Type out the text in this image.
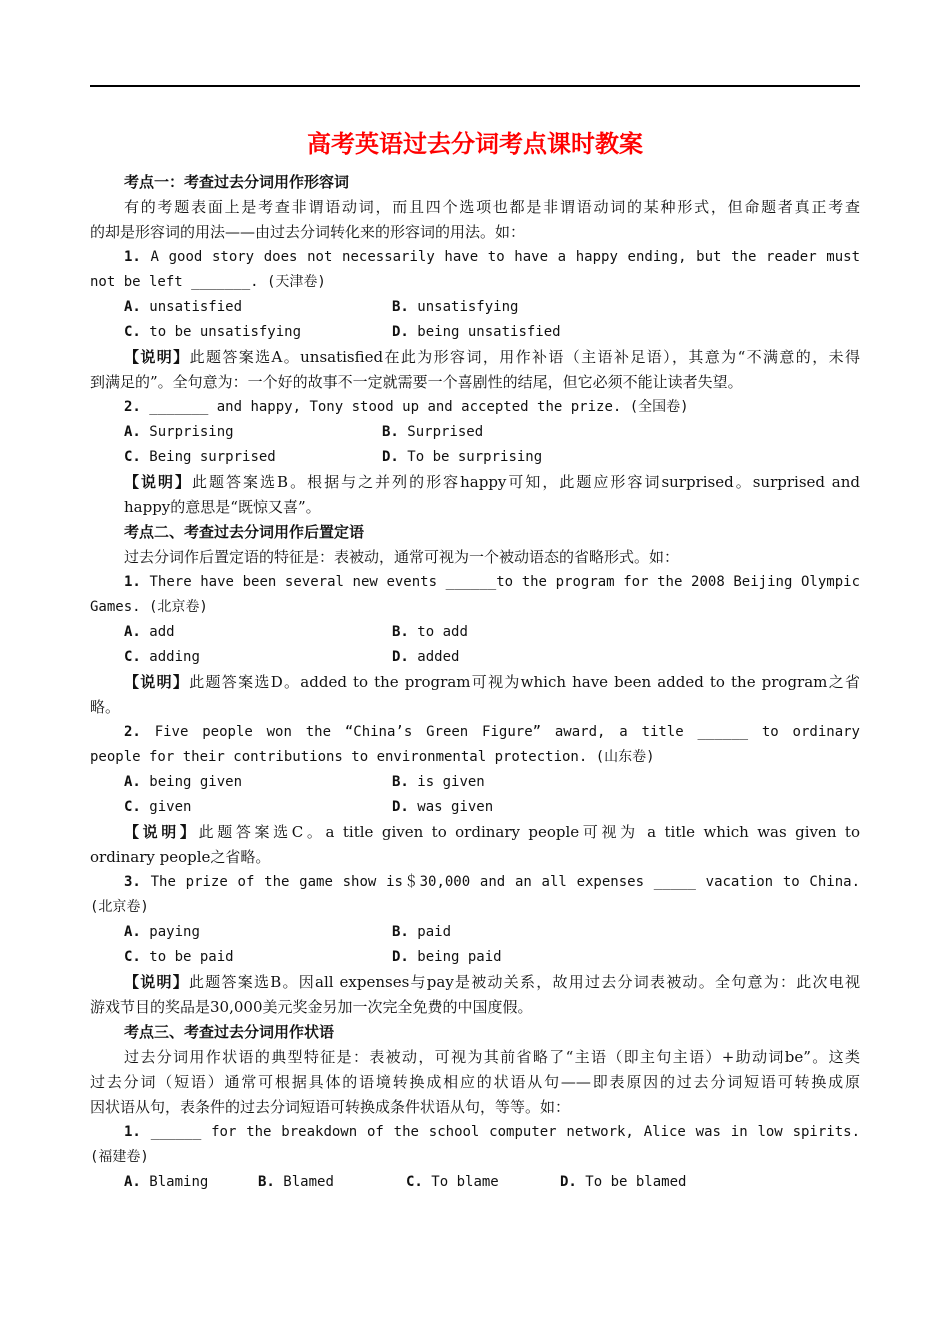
高考英语过去分词考点课时教案
考点一：考查过去分词用作形容词
有的考题表面上是考查非谓语动词，而且四个选项也都是非谓语动词的某种形式，但命题者真正考查
的却是形容词的用法——由过去分词转化来的形容词的用法。如：
1. A good story does not necessarily have to have a happy ending, but the reader must
not be left _______. (天津卷)
A. unsatisfied	B. unsatisfying
C. to be unsatisfying	D. being unsatisfied
【说明】此题答案选A。unsatisfied在此为形容词，用作补语（主语补足语），其意为“不满意的，未得
到满足的”。全句意为：一个好的故事不一定就需要一个喜剧性的结尾，但它必须不能让读者失望。
2. _______ and happy, Tony stood up and accepted the prize. (全国卷)
A. Surprising	B. Surprised
C. Being surprised	D. To be surprising
【说明】此题答案选B。根据与之并列的形容happy可知，此题应形容词surprised。surprised and
happy的意思是“既惊又喜”。
考点二、考查过去分词用作后置定语
过去分词作后置定语的特征是：表被动，通常可视为一个被动语态的省略形式。如：
1. There have been several new events ______to the program for the 2008 Beijing Olympic
Games. (北京卷)
A. add	B. to add
C. adding	D. added
【说明】此题答案选D。added to the program可视为which have been added to the program之省
略。
2. Five people won the “China’s Green Figure” award, a title ______ to ordinary
people for their contributions to environmental protection. (山东卷)
A. being given	B. is given
C. given	D. was given
【说明】此题答案选C。a title given to ordinary people可视为 a title which was given to
ordinary people之省略。
3. The prize of the game show is＄30,000 and an all expenses _____ vacation to China.
(北京卷)
A. paying	B. paid
C. to be paid	D. being paid
【说明】此题答案选B。因all expenses与pay是被动关系，故用过去分词表被动。全句意为：此次电视
游戏节目的奖品是30,000美元奖金另加一次完全免费的中国度假。
考点三、考查过去分词用作状语
过去分词用作状语的典型特征是：表被动，可视为其前省略了“主语（即主句主语）+助动词be”。这类
过去分词（短语）通常可根据具体的语境转换成相应的状语从句——即表原因的过去分词短语可转换成原
因状语从句，表条件的过去分词短语可转换成条件状语从句，等等。如：
1. ______ for the breakdown of the school computer network, Alice was in low spirits.
(福建卷)
A. Blaming	B. Blamed	C. To blame	D. To be blamed
